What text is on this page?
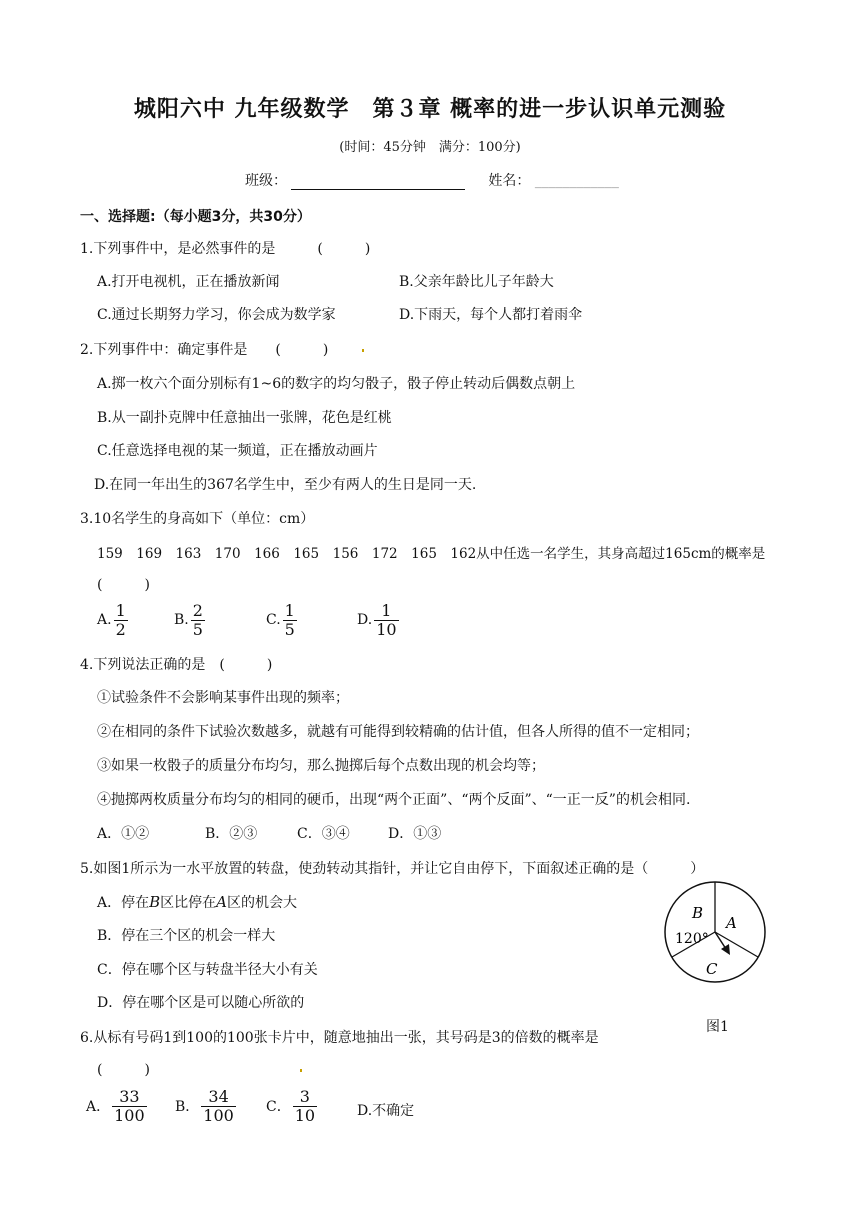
城阳六中 九年级数学　第３章 概率的进一步认识单元测验
(时间：45分钟　满分：100分)
班级：	姓名： ____________
一、选择题:（每小题3分，共30分）
1.下列事件中，是必然事件的是　　　(　　　)
A.打开电视机，正在播放新闻	B.父亲年龄比儿子年龄大
C.通过长期努力学习，你会成为数学家	D.下雨天，每个人都打着雨伞
2.下列事件中：确定事件是　　(　　　)
A.掷一枚六个面分别标有1~6的数字的均匀骰子，骰子停止转动后偶数点朝上
B.从一副扑克牌中任意抽出一张牌，花色是红桃
C.任意选择电视的某一频道，正在播放动画片
D.在同一年出生的367名学生中，至少有两人的生日是同一天.
3.10名学生的身高如下（单位：cm）
159　169　163　170　166　165　156　172　165　162从中任选一名学生，其身高超过165cm的概率是
(　　　)
A. $\frac{1}{2}$	B. $\frac{2}{5}$	C. $\frac{1}{5}$	D. $\frac{1}{10}$
4.下列说法正确的是　(　　　)
①试验条件不会影响某事件出现的频率；
②在相同的条件下试验次数越多，就越有可能得到较精确的估计值，但各人所得的值不一定相同；
③如果一枚骰子的质量分布均匀，那么抛掷后每个点数出现的机会均等；
④抛掷两枚质量分布均匀的相同的硬币，出现“两个正面”、“两个反面”、“一正一反”的机会相同.
A．①②	B．②③	C．③④	D．①③
5.如图1所示为一水平放置的转盘，使劲转动其指针，并让它自由停下，下面叙述正确的是（　　　）
A．停在B区比停在A区的机会大
B．停在三个区的机会一样大
C．停在哪个区与转盘半径大小有关
D．停在哪个区是可以随心所欲的
B
A
C
120°
图1
6.从标有号码1到100的100张卡片中，随意地抽出一张，其号码是3的倍数的概率是
(　　　)
A． $\frac{33}{100}$ B． $\frac{34}{100}$ C． $\frac{3}{10}$	D.不确定
